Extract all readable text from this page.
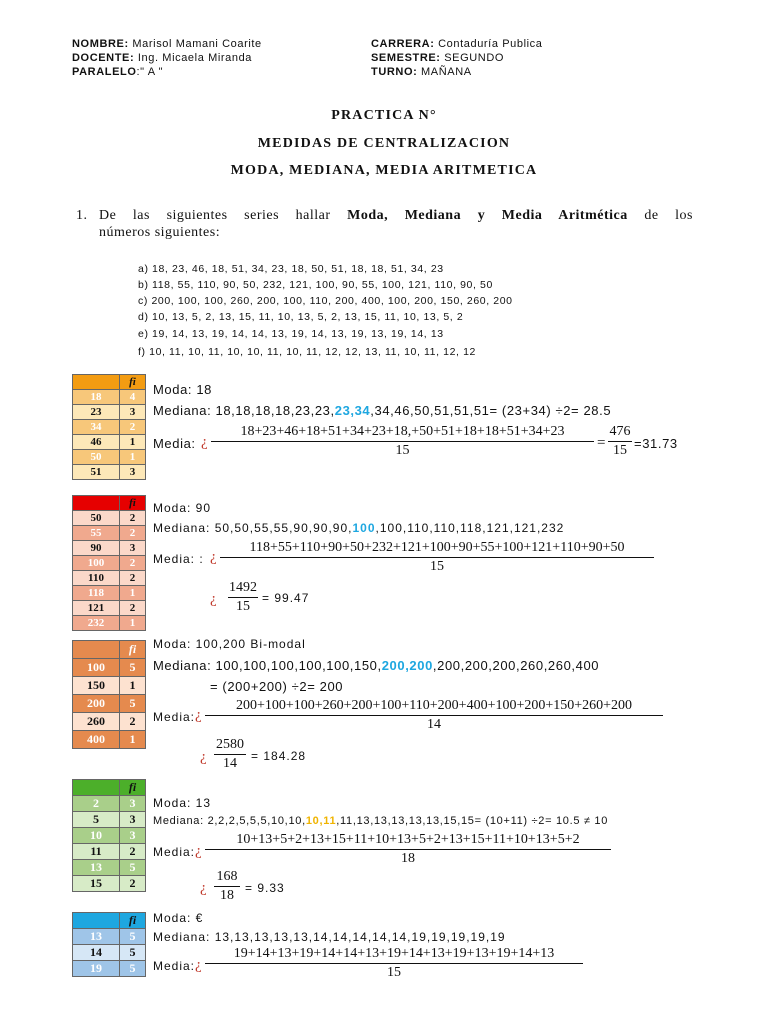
NOMBRE: Marisol Mamani Coarite
DOCENTE: Ing. Micaela Miranda
PARALELO:" A "
CARRERA: Contaduría Publica
SEMESTRE: SEGUNDO
TURNO: MAÑANA
PRACTICA N°
MEDIDAS DE CENTRALIZACION
MODA, MEDIANA, MEDIA ARITMETICA
1. De las siguientes series hallar Moda, Mediana y Media Aritmética de los
números siguientes:
a) 18, 23, 46, 18, 51, 34, 23, 18, 50, 51, 18, 18, 51, 34, 23
b) 118, 55, 110, 90, 50, 232, 121, 100, 90, 55, 100, 121, 110, 90, 50
c) 200, 100, 100, 260, 200, 100, 110, 200, 400, 100, 200, 150, 260, 200
d) 10, 13, 5, 2, 13, 15, 11, 10, 13, 5, 2, 13, 15, 11, 10, 13, 5, 2
e) 19, 14, 13, 19, 14, 14, 13, 19, 14, 13, 19, 13, 19, 14, 13
f) 10, 11, 10, 11, 10, 10, 11, 10, 11, 12, 12, 13, 11, 10, 11, 12, 12
	fi
18	4
23	3
34	2
46	1
50	1
51	3
Moda: 18
Mediana: 18,18,18,18,23,23,23,34,34,46,50,51,51,51= (23+34) ÷2= 28.5
Media: ¿
18+23+46+18+51+34+23+18,+50+51+18+18+51+34+23
15	=
476
15 =31.73
	fi
50	2
55	2
90	3
100	2
110	2
118	1
121	2
232	1
Moda: 90
Mediana: 50,50,55,55,90,90,90,100,100,110,110,118,121,121,232
Media: : ¿
118+55+110+90+50+232+121+100+90+55+100+121+110+90+50
15
¿
1492
15
= 99.47
	fi
100	5
150	1
200	5
260	2
400	1
Moda: 100,200 Bi-modal
Mediana: 100,100,100,100,100,150,200,200,200,200,200,260,260,400
= (200+200) ÷2= 200
Media: ¿
200+100+100+260+200+100+110+200+400+100+200+150+260+200
14
¿
2580
14	= 184.28
	fi
2	3
5	3
10	3
11	2
13	5
15	2
Moda: 13
Mediana: 2,2,2,5,5,5,10,10,10,11,11,13,13,13,13,13,15,15= (10+11) ÷2= 10.5 ≠ 10
Media: ¿
10+13+5+2+13+15+11+10+13+5+2+13+15+11+10+13+5+2
18
¿
168
18 = 9.33
	fi
13	5
14	5
19	5
Moda: €
Mediana: 13,13,13,13,13,14,14,14,14,14,19,19,19,19,19
Media: ¿
19+14+13+19+14+14+13+19+14+13+19+13+19+14+13
15
